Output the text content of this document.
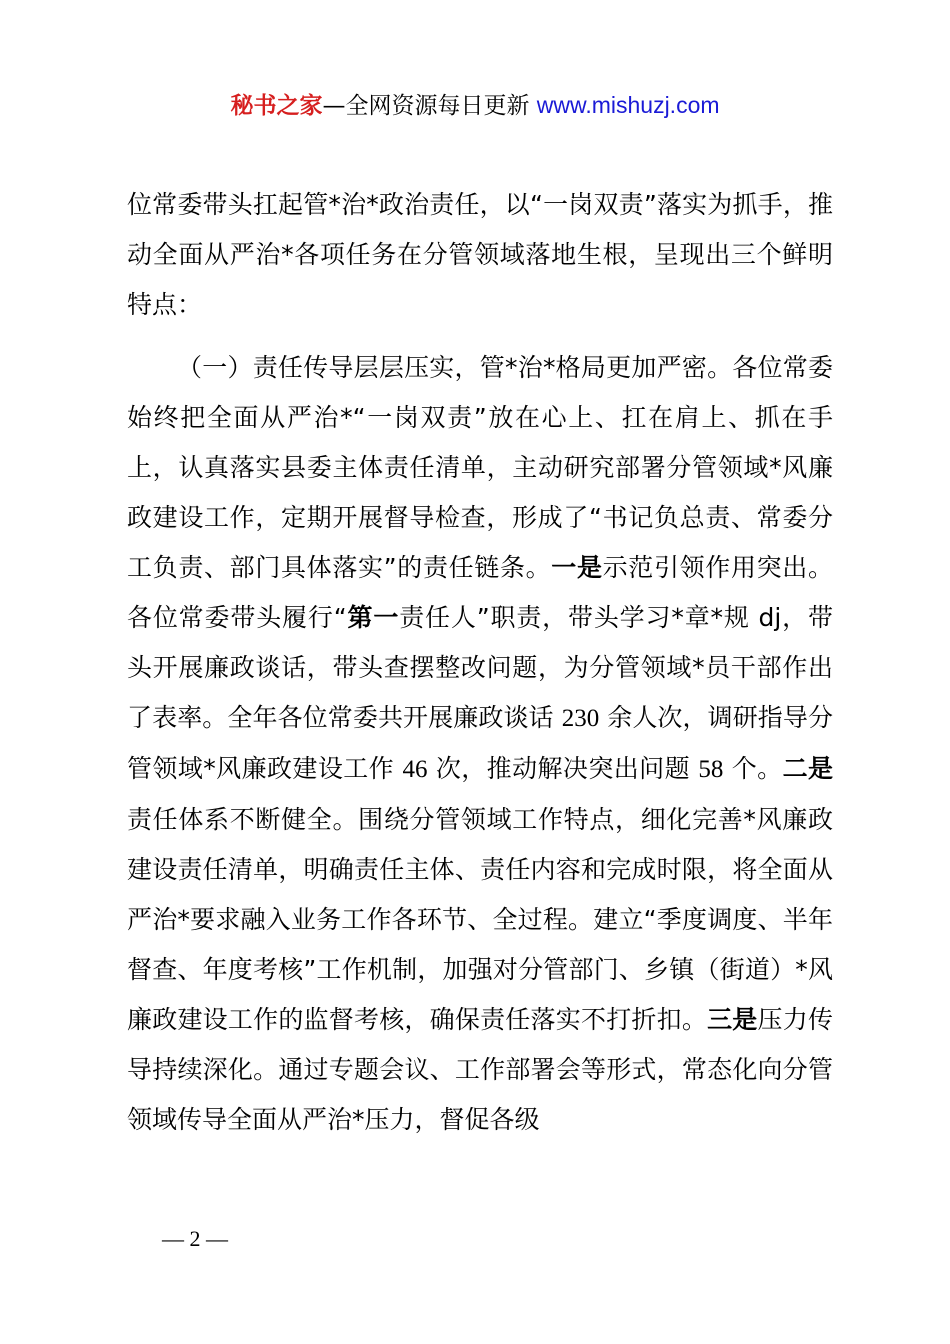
秘书之家—全网资源每日更新 www.mishuzj.com

位常委带头扛起管*治*政治责任，以“一岗双责”落实为抓手，推动全面从严治*各项任务在分管领域落地生根，呈现出三个鲜明特点：

（一）责任传导层层压实，管*治*格局更加严密。各位常委始终把全面从严治*“一岗双责”放在心上、扛在肩上、抓在手上，认真落实县委主体责任清单，主动研究部署分管领域*风廉政建设工作，定期开展督导检查，形成了“书记负总责、常委分工负责、部门具体落实”的责任链条。一是示范引领作用突出。各位常委带头履行“第一责任人”职责，带头学习*章*规 dj，带头开展廉政谈话，带头查摆整改问题，为分管领域*员干部作出了表率。全年各位常委共开展廉政谈话 230 余人次，调研指导分管领域*风廉政建设工作 46 次，推动解决突出问题 58 个。二是责任体系不断健全。围绕分管领域工作特点，细化完善*风廉政建设责任清单，明确责任主体、责任内容和完成时限，将全面从严治*要求融入业务工作各环节、全过程。建立“季度调度、半年督查、年度考核”工作机制，加强对分管部门、乡镇（街道）*风廉政建设工作的监督考核，确保责任落实不打折扣。三是压力传导持续深化。通过专题会议、工作部署会等形式，常态化向分管领域传导全面从严治*压力，督促各级

— 2 —
